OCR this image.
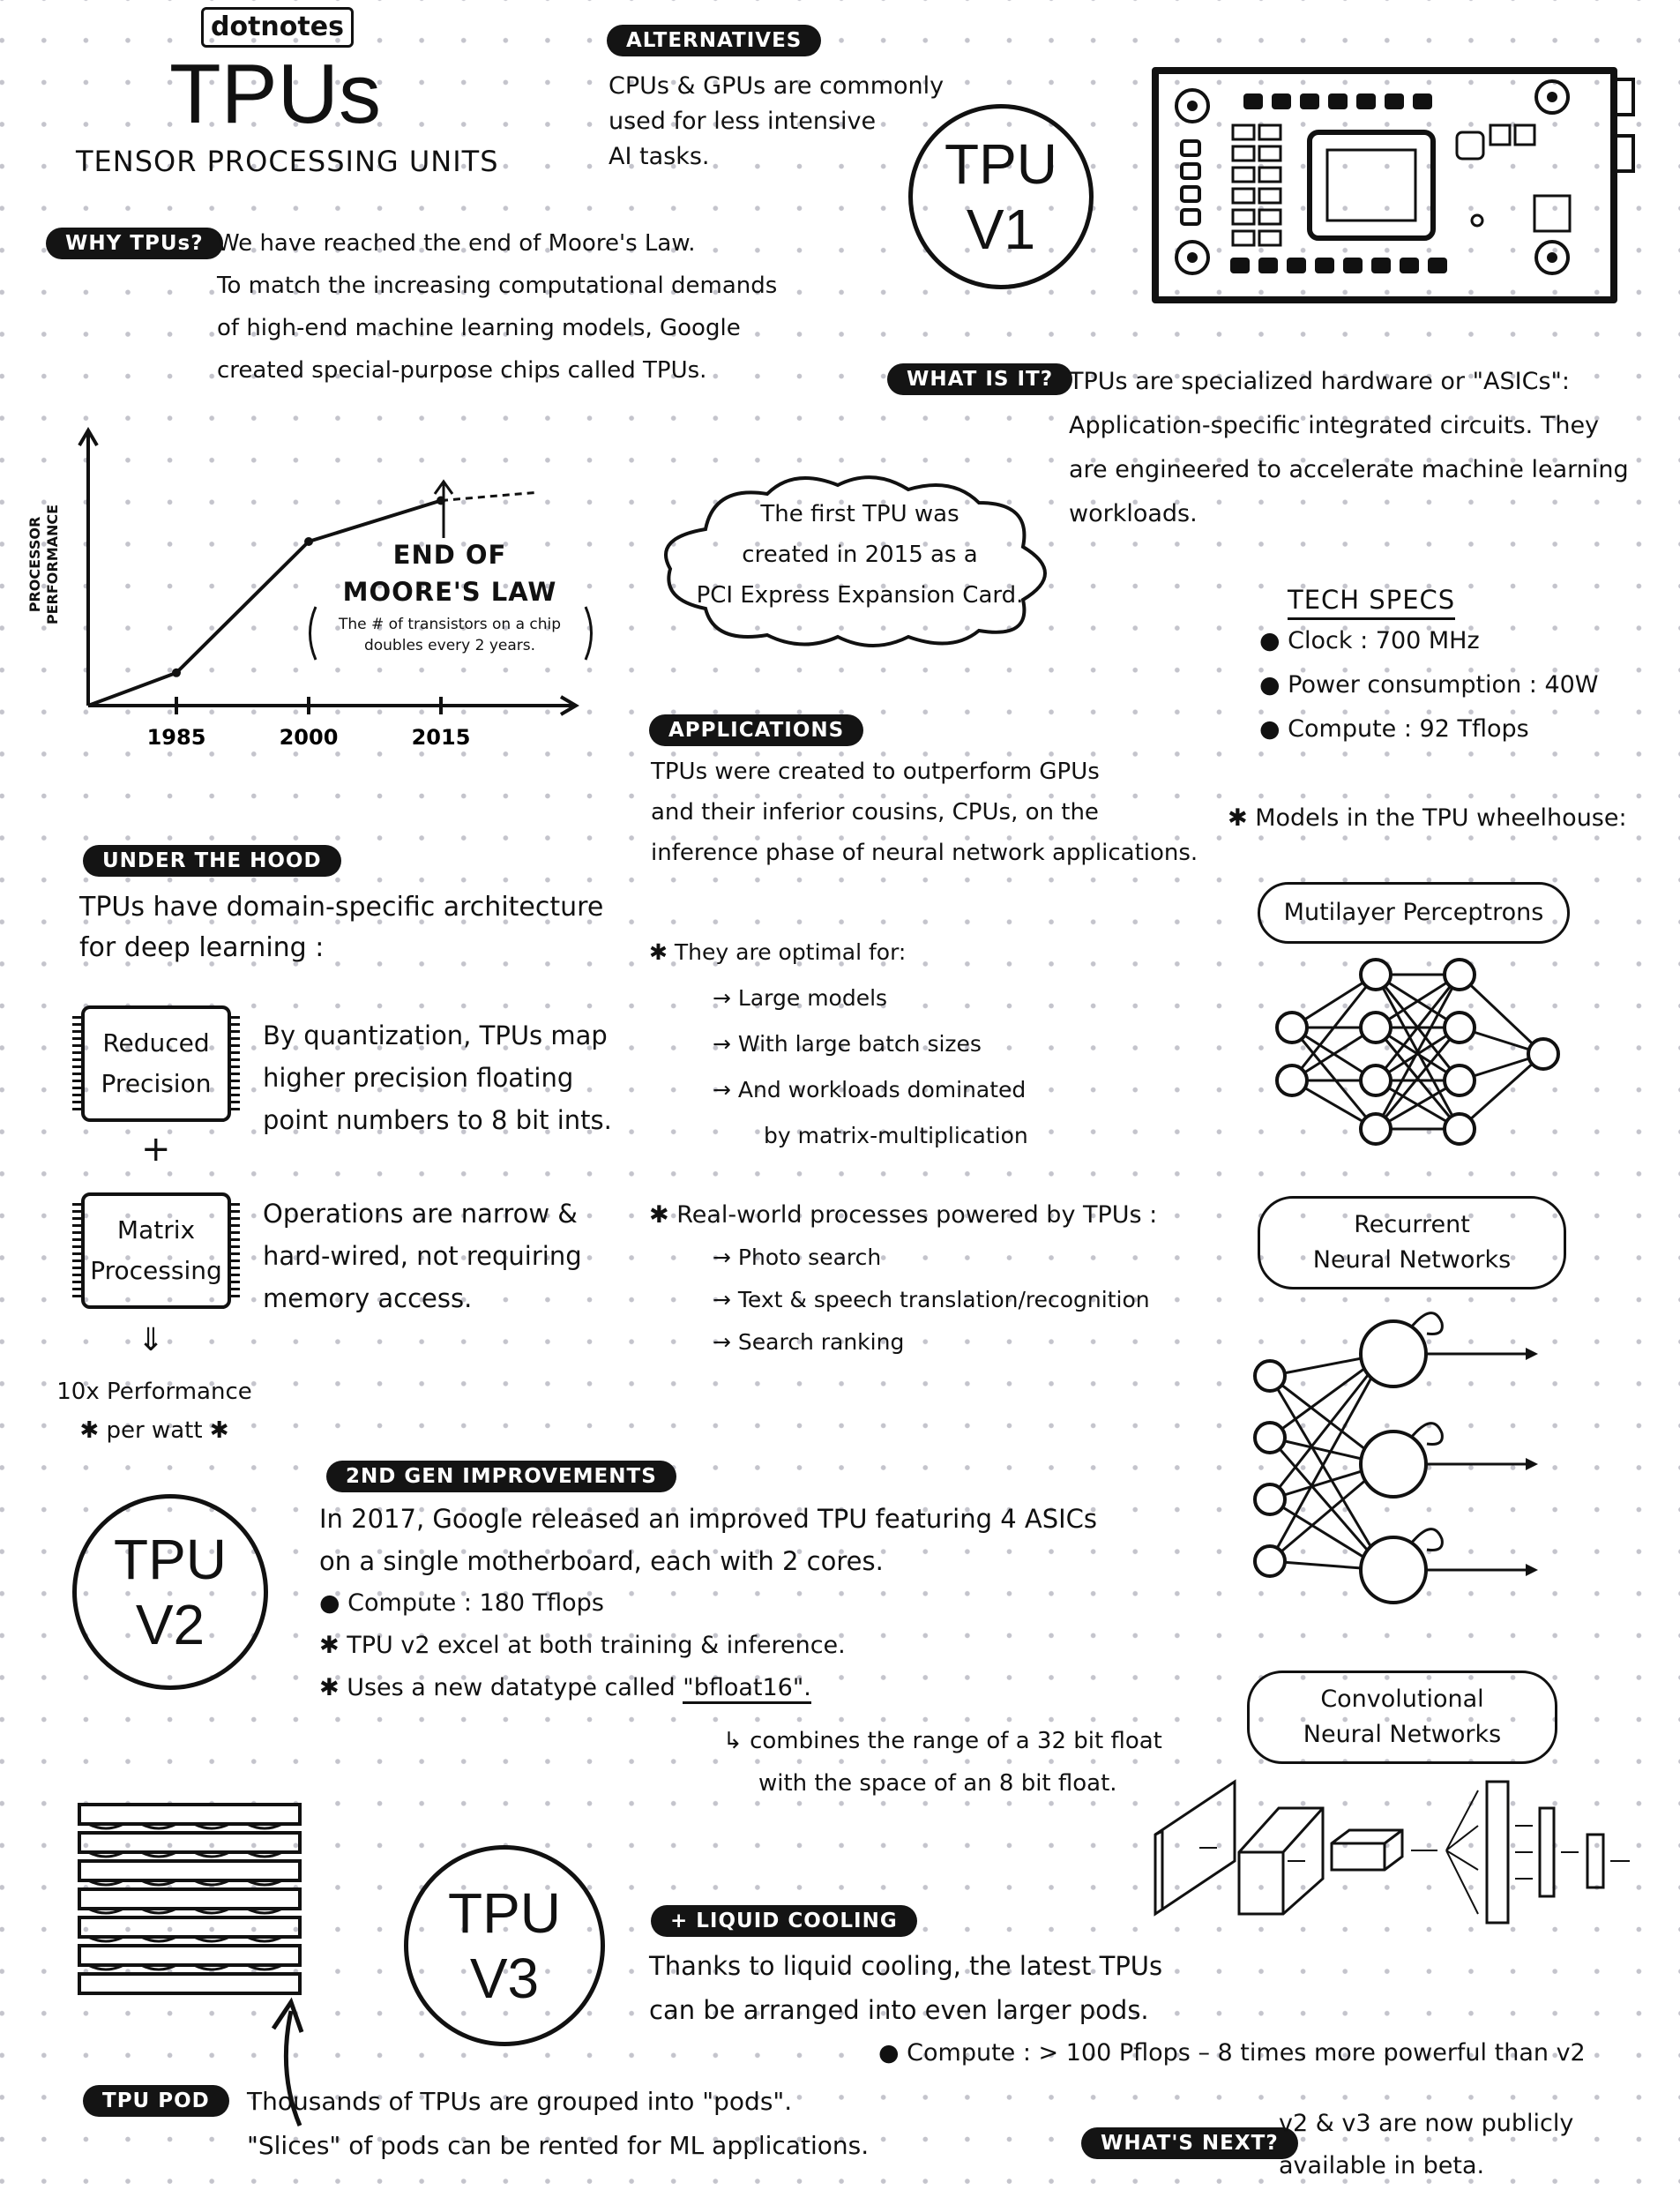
dotnotes
TPUs
TENSOR PROCESSING UNITS
WHY TPUs? We have reached the end of Moore's Law.
To match the increasing computational demands
of high-end machine learning models, Google
created special-purpose chips called TPUs.
ALTERNATIVES
CPUs & GPUs are commonly
used for less intensive
AI tasks.	TPU
V1
WHAT IS IT? TPUs are specialized hardware or "ASICs":
Application-specific integrated circuits. They
are engineered to accelerate machine learning
workloads.
PROCESSOR PERFORMANCE
1985	2000	2015
END OF
MOORE'S LAW
The # of transistors on a chip
doubles every 2 years.
The first TPU was
created in 2015 as a
PCI Express Expansion Card.	TECH SPECS
● Clock : 700 MHz
● Power consumption : 40W
● Compute : 92 Tflops
APPLICATIONS
TPUs were created to outperform GPUs
and their inferior cousins, CPUs, on the
inference phase of neural network applications.
✱ They are optimal for:
→ Large models
→ With large batch sizes
→ And workloads dominated
by matrix-multiplication
✱ Real-world processes powered by TPUs :
→ Photo search
→ Text & speech translation/recognition
→ Search ranking
✱ Models in the TPU wheelhouse:
Mutilayer Perceptrons
Recurrent
Neural Networks
Convolutional
Neural Networks
UNDER THE HOOD
TPUs have domain-specific architecture
for deep learning :
Reduced
Precision
By quantization, TPUs map
higher precision floating
point numbers to 8 bit ints.
+
Matrix
Processing
Operations are narrow &
hard-wired, not requiring
memory access.
⇓
10x Performance
✱ per watt ✱
2ND GEN IMPROVEMENTS
In 2017, Google released an improved TPU featuring 4 ASICs
on a single motherboard, each with 2 cores.
● Compute : 180 Tflops
✱ TPU v2 excel at both training & inference.
✱ Uses a new datatype called "bfloat16".
↳ combines the range of a 32 bit float
with the space of an 8 bit float.
TPU
V2
TPU
V3
+ LIQUID COOLING
Thanks to liquid cooling, the latest TPUs
can be arranged into even larger pods.
● Compute : > 100 Pflops – 8 times more powerful than v2
TPU POD	Thousands of TPUs are grouped into "pods".
"Slices" of pods can be rented for ML applications.	WHAT'S NEXT?
v2 & v3 are now publicly
available in beta.
